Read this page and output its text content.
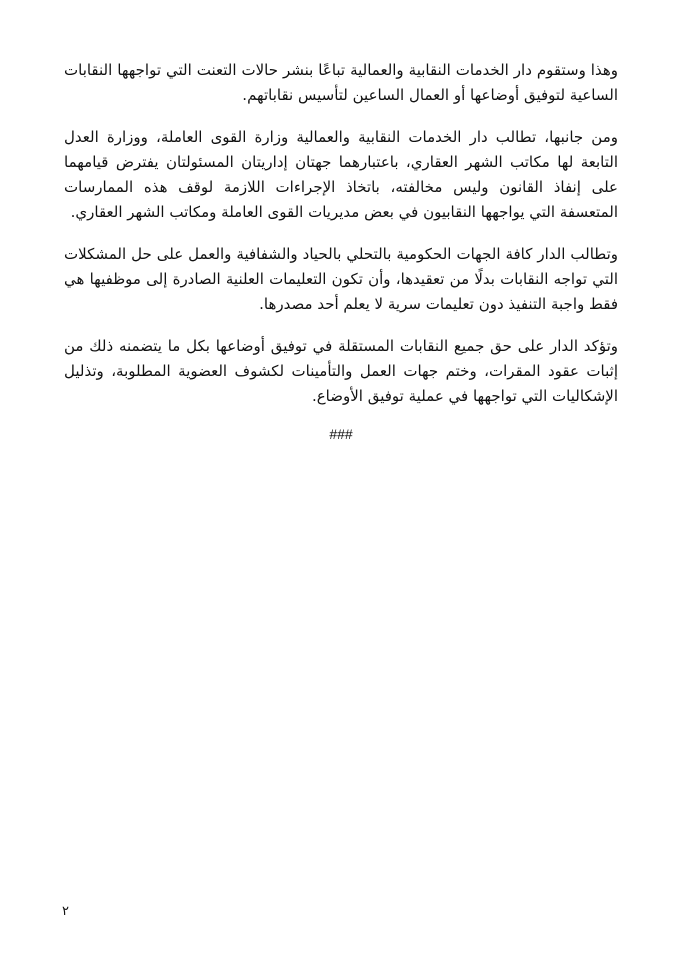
وهذا وستقوم دار الخدمات النقابية والعمالية تباعًا بنشر حالات التعنت التي تواجهها النقابات الساعية لتوفيق أوضاعها أو العمال الساعين لتأسيس نقاباتهم.

ومن جانبها، تطالب دار الخدمات النقابية والعمالية وزارة القوى العاملة، ووزارة العدل التابعة لها مكاتب الشهر العقاري، باعتبارهما جهتان إداريتان المسئولتان يفترض قيامهما على إنفاذ القانون وليس مخالفته، باتخاذ الإجراءات اللازمة لوقف هذه الممارسات المتعسفة التي يواجهها النقابيون في بعض مديريات القوى العاملة ومكاتب الشهر العقاري.

وتطالب الدار كافة الجهات الحكومية بالتحلي بالحياد والشفافية والعمل على حل المشكلات التي تواجه النقابات بدلًا من تعقيدها، وأن تكون التعليمات العلنية الصادرة إلى موظفيها هي فقط واجبة التنفيذ دون تعليمات سرية لا يعلم أحد مصدرها.

وتؤكد الدار على حق جميع النقابات المستقلة في توفيق أوضاعها بكل ما يتضمنه ذلك من إثبات عقود المقرات، وختم جهات العمل والتأمينات لكشوف العضوية المطلوبة، وتذليل الإشكاليات التي تواجهها في عملية توفيق الأوضاع.

###
٢
